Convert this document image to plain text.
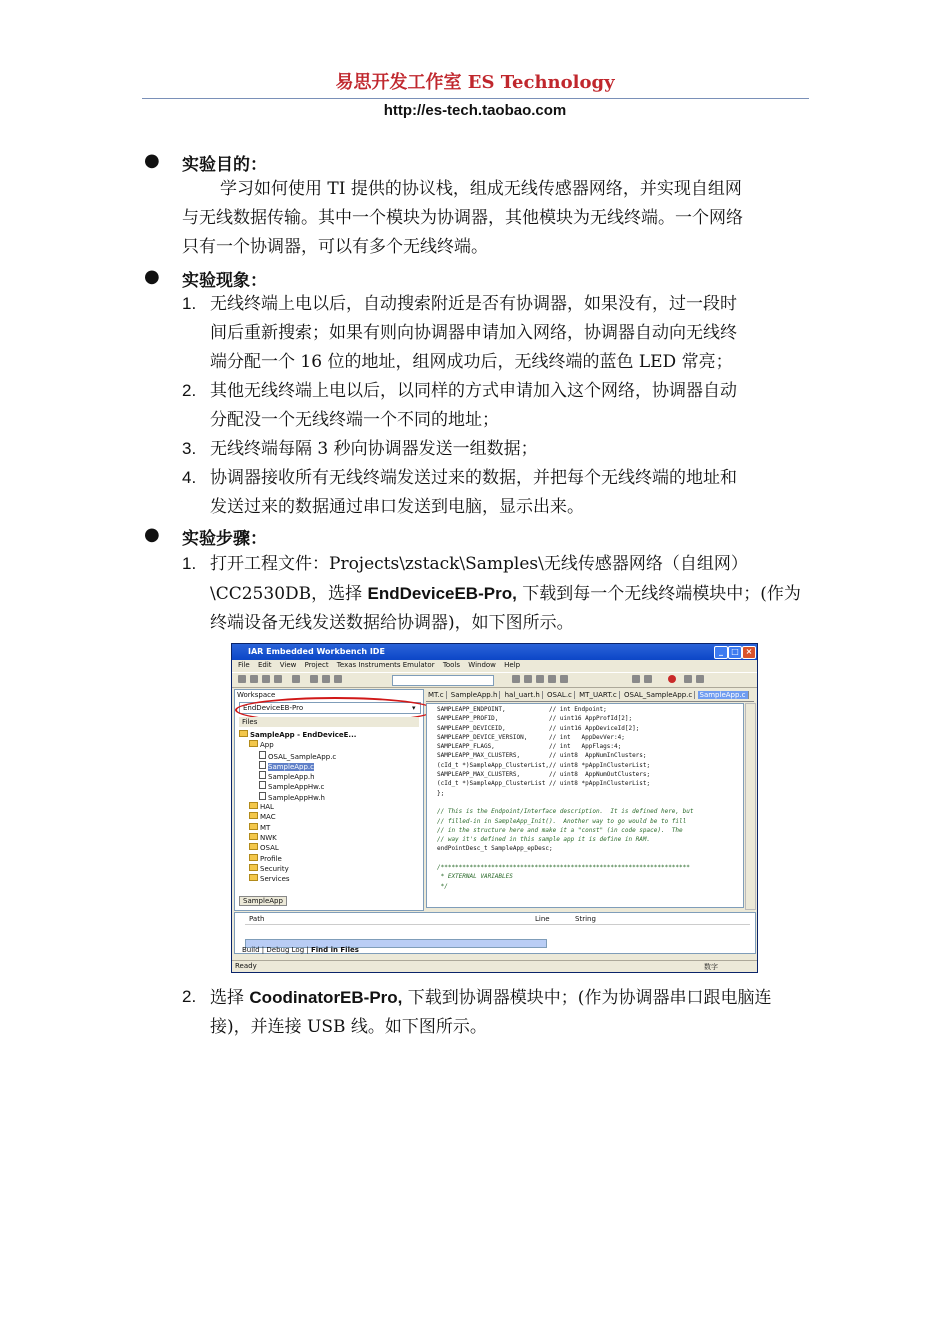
易思开发工作室 ES Technology
http://es-tech.taobao.com
● 实验目的：
学习如何使用 TI 提供的协议栈，组成无线传感器网络，并实现自组网
与无线数据传输。其中一个模块为协调器，其他模块为无线终端。一个网络
只有一个协调器，可以有多个无线终端。
● 实验现象：
1. 无线终端上电以后，自动搜索附近是否有协调器，如果没有，过一段时
间后重新搜索；如果有则向协调器申请加入网络，协调器自动向无线终
端分配一个 16 位的地址，组网成功后，无线终端的蓝色 LED 常亮；
2. 其他无线终端上电以后，以同样的方式申请加入这个网络，协调器自动
分配没一个无线终端一个不同的地址；
3. 无线终端每隔 3 秒向协调器发送一组数据；
4. 协调器接收所有无线终端发送过来的数据，并把每个无线终端的地址和
发送过来的数据通过串口发送到电脑，显示出来。
● 实验步骤：
1. 打开工程文件：Projects\zstack\Samples\无线传感器网络（自组网）
\CC2530DB，选择 EndDeviceEB-Pro, 下载到每一个无线终端模块中；(作为
终端设备无线发送数据给协调器)，如下图所示。
IAR Embedded Workbench IDE	_	□ ×
File Edit View Project Texas Instruments Emulator Tools Window Help
Workspace
EndDeviceEB-Pro	▾
Files
SampleApp - EndDeviceE...
App
OSAL_SampleApp.c
SampleApp.c
SampleApp.h
SampleAppHw.c
SampleAppHw.h
HAL
MAC
MT
NWK
OSAL
Profile
Security
Services
SampleApp
MT.c SampleApp.h hal_uart.h OSAL.c MT_UART.c OSAL_SampleApp.c SampleApp.c
SAMPLEAPP_ENDPOINT,            // int Endpoint;
SAMPLEAPP_PROFID,              // uint16 AppProfId[2];
SAMPLEAPP_DEVICEID,            // uint16 AppDeviceId[2];
SAMPLEAPP_DEVICE_VERSION,      // int   AppDevVer:4;
SAMPLEAPP_FLAGS,               // int   AppFlags:4;
SAMPLEAPP_MAX_CLUSTERS,        // uint8  AppNumInClusters;
(cId_t *)SampleApp_ClusterList,// uint8 *pAppInClusterList;
SAMPLEAPP_MAX_CLUSTERS,        // uint8  AppNumOutClusters;
(cId_t *)SampleApp_ClusterList // uint8 *pAppInClusterList;
};
// This is the Endpoint/Interface description.  It is defined here, but
// filled-in in SampleApp_Init().  Another way to go would be to fill
// in the structure here and make it a "const" (in code space).  The
// way it's defined in this sample app it is define in RAM.
endPointDesc_t SampleApp_epDesc;
/*********************************************************************
* EXTERNAL VARIABLES
*/
Path	Line	String
Build | Debug Log | Find in Files
Ready	数字
2. 选择 CoodinatorEB-Pro, 下载到协调器模块中；(作为协调器串口跟电脑连
接)，并连接 USB 线。如下图所示。
